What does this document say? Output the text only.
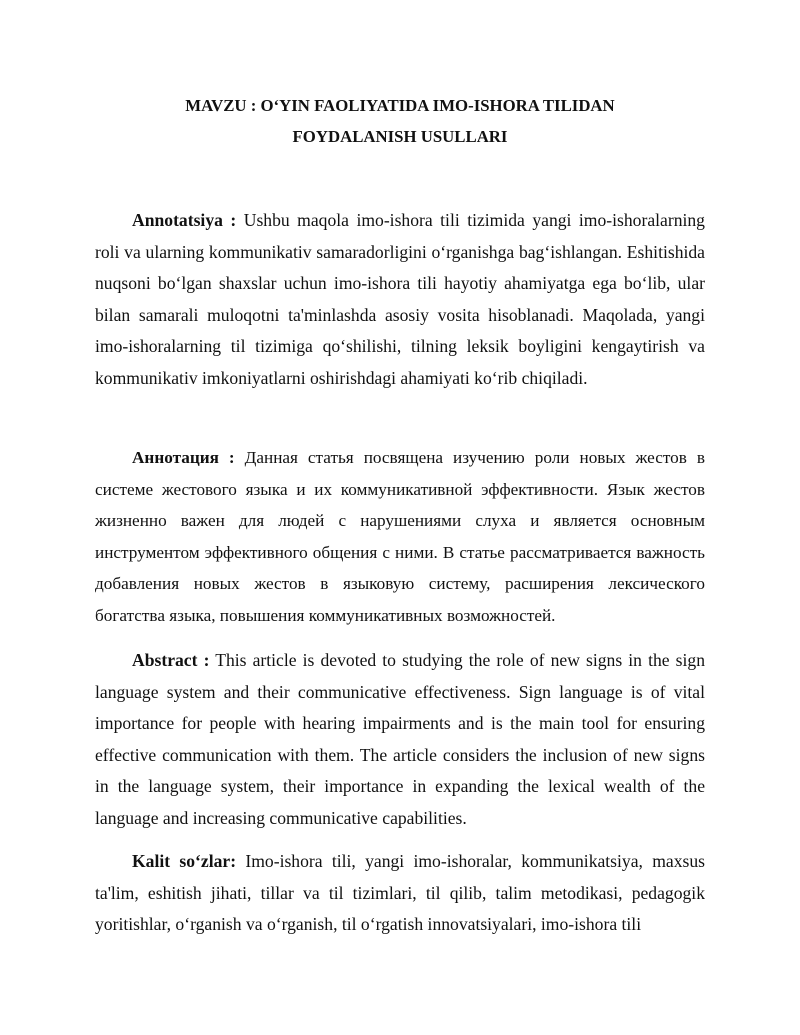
MAVZU : O‘YIN FAOLIYATIDA IMO-ISHORA TILIDAN
FOYDALANISH USULLARI

Annotatsiya : Ushbu maqola imo-ishora tili tizimida yangi imo-ishoralarning roli va ularning kommunikativ samaradorligini o‘rganishga bag‘ishlangan. Eshitishida nuqsoni bo‘lgan shaxslar uchun imo-ishora tili hayotiy ahamiyatga ega bo‘lib, ular bilan samarali muloqotni ta'minlashda asosiy vosita hisoblanadi. Maqolada, yangi imo-ishoralarning til tizimiga qo‘shilishi, tilning leksik boyligini kengaytirish va kommunikativ imkoniyatlarni oshirishdagi ahamiyati ko‘rib chiqiladi.

Аннотация : Данная статья посвящена изучению роли новых жестов в системе жестового языка и их коммуникативной эффективности. Язык жестов жизненно важен для людей с нарушениями слуха и является основным инструментом эффективного общения с ними. В статье рассматривается важность добавления новых жестов в языковую систему, расширения лексического богатства языка, повышения коммуникативных возможностей.

Abstract : This article is devoted to studying the role of new signs in the sign language system and their communicative effectiveness. Sign language is of vital importance for people with hearing impairments and is the main tool for ensuring effective communication with them. The article considers the inclusion of new signs in the language system, their importance in expanding the lexical wealth of the language and increasing communicative capabilities.

Kalit so‘zlar: Imo-ishora tili, yangi imo-ishoralar, kommunikatsiya, maxsus ta'lim, eshitish jihati, tillar va til tizimlari, til qilib, talim metodikasi, pedagogik yoritishlar, o‘rganish va o‘rganish, til o‘rgatish innovatsiyalari, imo-ishora tili
